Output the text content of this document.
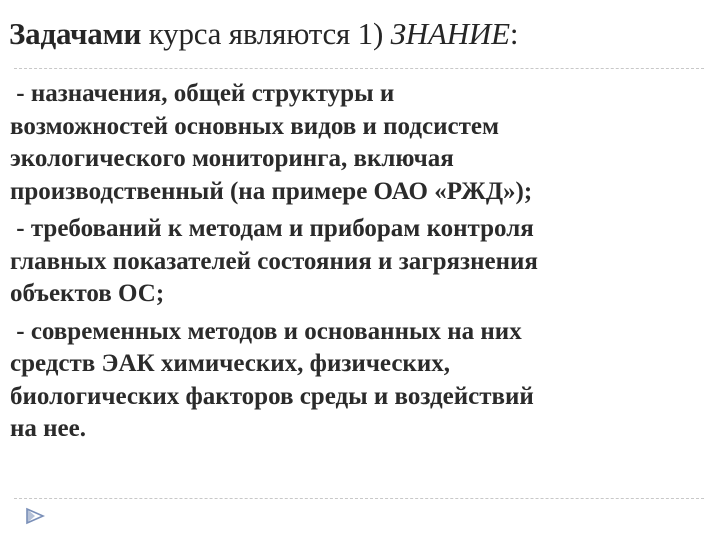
Задачами курса являются 1) ЗНАНИЕ:
- назначения, общей структуры и
возможностей основных видов и подсистем
экологического мониторинга, включая
производственный (на примере ОАО «РЖД»);
- требований к методам и приборам контроля
главных показателей состояния и загрязнения
объектов ОС;
- современных методов и основанных на них
средств ЭАК химических, физических,
биологических факторов среды и воздействий
на нее.
